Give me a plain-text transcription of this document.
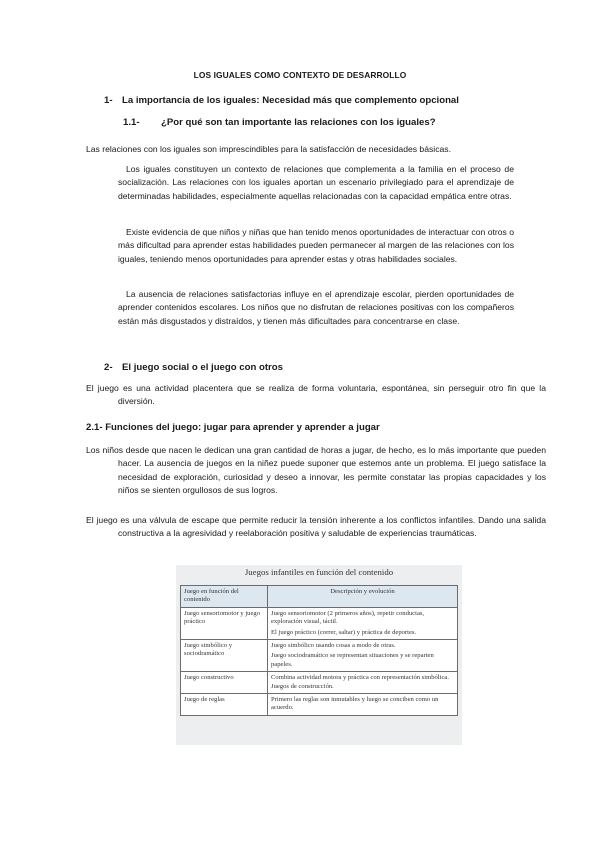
LOS IGUALES COMO CONTEXTO DE DESARROLLO
1- La importancia de los iguales: Necesidad más que complemento opcional
1.1- ¿Por qué son tan importante las relaciones con los iguales?

Las relaciones con los iguales son imprescindibles para la satisfacción de necesidades básicas.

Los iguales constituyen un contexto de relaciones que complementa a la familia en el proceso de socialización. Las relaciones con los iguales aportan un escenario privilegiado para el aprendizaje de determinadas habilidades, especialmente aquellas relacionadas con la capacidad empática entre otras.

Existe evidencia de que niños y niñas que han tenido menos oportunidades de interactuar con otros o más dificultad para aprender estas habilidades pueden permanecer al margen de las relaciones con los iguales, teniendo menos oportunidades para aprender estas y otras habilidades sociales.

La ausencia de relaciones satisfactorias influye en el aprendizaje escolar, pierden oportunidades de aprender contenidos escolares. Los niños que no disfrutan de relaciones positivas con los compañeros están más disgustados y distraídos, y tienen más dificultades para concentrarse en clase.

2- El juego social o el juego con otros

El juego es una actividad placentera que se realiza de forma voluntaria, espontánea, sin perseguir otro fin que la diversión.

2.1- Funciones del juego: jugar para aprender y aprender a jugar

Los niños desde que nacen le dedican una gran cantidad de horas a jugar, de hecho, es lo más importante que pueden hacer. La ausencia de juegos en la niñez puede suponer que estemos ante un problema. El juego satisface la necesidad de exploración, curiosidad y deseo a innovar, les permite constatar las propias capacidades y los niños se sienten orgullosos de sus logros.

El juego es una válvula de escape que permite reducir la tensión inherente a los conflictos infantiles. Dando una salida constructiva a la agresividad y reelaboración positiva y saludable de experiencias traumáticas.

Juegos infantiles en función del contenido
Juego en función del contenido	Descripción y evolución
Juego sensoriomotor y juego práctico	Juego sensoriomotor (2 primeros años), repetir conductas, exploración visual, táctil.
El juego práctico (correr, saltar) y práctica de deportes.

Juego simbólico y sociodramático	Juego simbólico usando cosas a modo de otras.
Juego sociodramático se representan situaciones y se reparten papeles.

Juego constructivo	Combina actividad motora y práctica con representación simbólica. Juegos de construcción.
Juego de reglas	Primero las reglas son inmutables y luego se conciben como un acuerdo.
